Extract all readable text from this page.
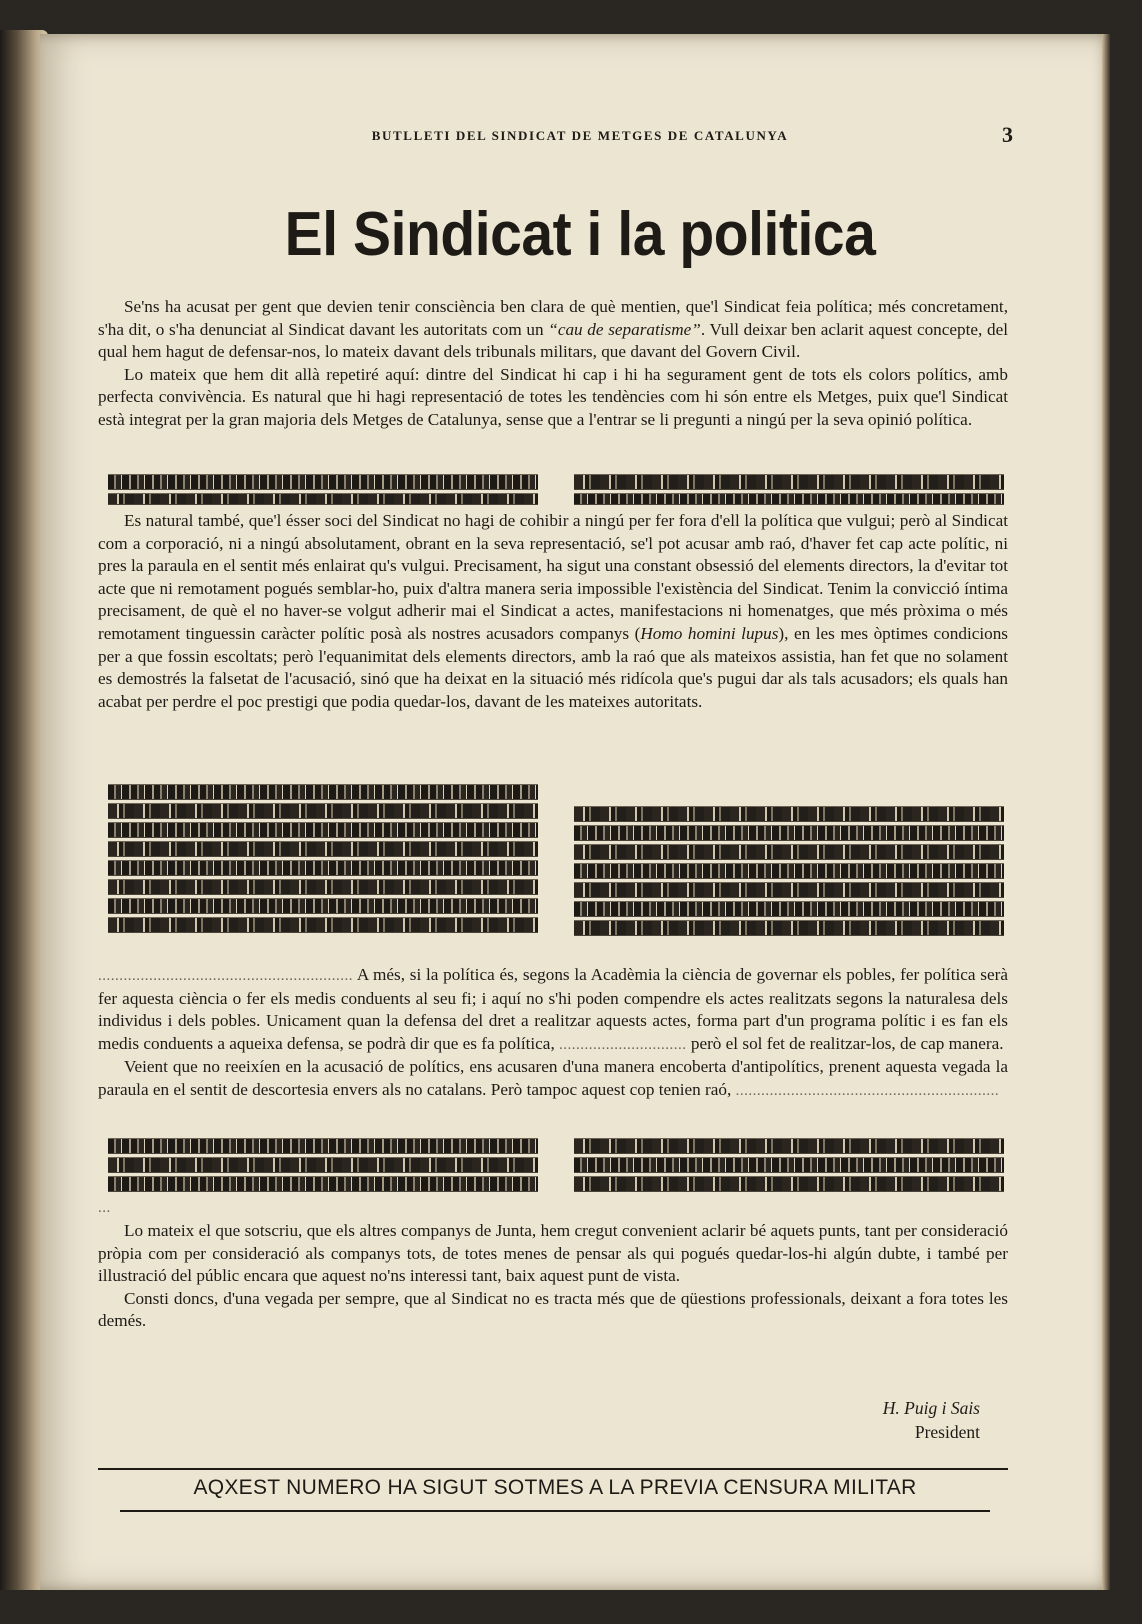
BUTLLETI DEL SINDICAT DE METGES DE CATALUNYA	3
El Sindicat i la politica

Se'ns ha acusat per gent que devien tenir consciència ben clara de què mentien, que'l Sindicat feia política; més concretament, s'ha dit, o s'ha denunciat al Sindicat davant les autoritats com un “cau de separatisme”. Vull deixar ben aclarit aquest concepte, del qual hem hagut de defensar-nos, lo mateix davant dels tribunals militars, que davant del Govern Civil.

Lo mateix que hem dit allà repetiré aquí: dintre del Sindicat hi cap i hi ha segurament gent de tots els colors polítics, amb perfecta convivència. Es natural que hi hagi representació de totes les tendències com hi són entre els Metges, puix que'l Sindicat està integrat per la gran majoria dels Metges de Catalunya, sense que a l'entrar se li pregunti a ningú per la seva opinió política.

Es natural també, que'l ésser soci del Sindicat no hagi de cohibir a ningú per fer fora d'ell la política que vulgui; però al Sindicat com a corporació, ni a ningú absolutament, obrant en la seva representació, se'l pot acusar amb raó, d'haver fet cap acte polític, ni pres la paraula en el sentit més enlairat qu's vulgui. Precisament, ha sigut una constant obsessió del elements directors, la d'evitar tot acte que ni remotament pogués semblar-ho, puix d'altra manera seria impossible l'existència del Sindicat. Tenim la convicció íntima precisament, de què el no haver-se volgut adherir mai el Sindicat a actes, manifestacions ni homenatges, que més pròxima o més remotament tinguessin caràcter polític posà als nostres acusadors companys (Homo homini lupus), en les mes òptimes condicions per a que fossin escoltats; però l'equanimitat dels elements directors, amb la raó que als mateixos assistia, han fet que no solament es demostrés la falsetat de l'acusació, sinó que ha deixat en la situació més ridícola que's pugui dar als tals acusadors; els quals han acabat per perdre el poc prestigi que podia quedar-los, davant de les mateixes autoritats.

............................................................ A més, si la política és, segons la Acadèmia la ciència de governar els pobles, fer política serà fer aquesta ciència o fer els medis conduents al seu fi; i aquí no s'hi poden compendre els actes realitzats segons la naturalesa dels individus i dels pobles. Unicament quan la defensa del dret a realitzar aquests actes, forma part d'un programa polític i es fan els medis conduents a aqueixa defensa, se podrà dir que es fa política, .............................. però el sol fet de realitzar-los, de cap manera.

Veient que no reeixíen en la acusació de polítics, ens acusaren d'una manera encoberta d'antipolítics, prenent aquesta vegada la paraula en el sentit de descortesia envers als no catalans. Però tampoc aquest cop tenien raó, ..............................................................

...

Lo mateix el que sotscriu, que els altres companys de Junta, hem cregut convenient aclarir bé aquets punts, tant per consideració pròpia com per consideració als companys tots, de totes menes de pensar als qui pogués quedar-los-hi algún dubte, i també per illustració del públic encara que aquest no'ns interessi tant, baix aquest punt de vista.

Consti doncs, d'una vegada per sempre, que al Sindicat no es tracta més que de qüestions professionals, deixant a fora totes les demés.

H. Puig i Sais
President
AQXEST NUMERO HA SIGUT SOTMES A LA PREVIA CENSURA MILITAR
